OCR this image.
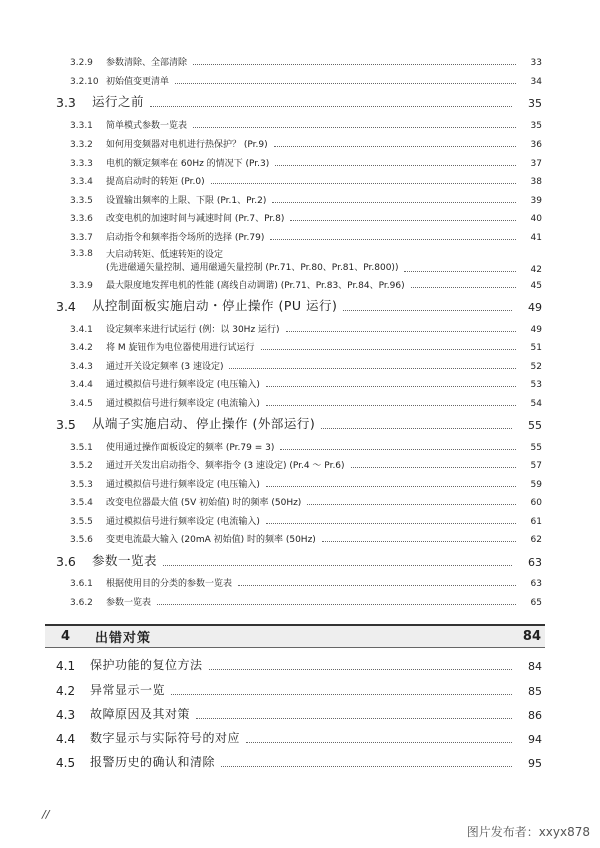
3.2.9	参数清除、全部清除	33
3.2.10 初始值变更清单	34
3.3	运行之前	35
3.3.1	简单模式参数一览表	35
3.3.2	如何用变频器对电机进行热保护？ (Pr.9)	36
3.3.3	电机的额定频率在 60Hz 的情况下 (Pr.3)	37
3.3.4	提高启动时的转矩 (Pr.0)	38
3.3.5	设置输出频率的上限、下限 (Pr.1、Pr.2)	39
3.3.6	改变电机的加速时间与减速时间 (Pr.7、Pr.8)	40
3.3.7	启动指令和频率指令场所的选择 (Pr.79)	41
3.3.8	大启动转矩、低速转矩的设定
(先进磁通矢量控制、通用磁通矢量控制 (Pr.71、Pr.80、Pr.81、Pr.800))	42
3.3.9	最大限度地发挥电机的性能 (离线自动调谐) (Pr.71、Pr.83、Pr.84、Pr.96)	45
3.4	从控制面板实施启动・停止操作 (PU 运行)	49
3.4.1	设定频率来进行试运行 (例：以 30Hz 运行)	49
3.4.2	将 M 旋钮作为电位器使用进行试运行	51
3.4.3	通过开关设定频率 (3 速设定)	52
3.4.4	通过模拟信号进行频率设定 (电压输入)	53
3.4.5	通过模拟信号进行频率设定 (电流输入)	54
3.5	从端子实施启动、停止操作 (外部运行)	55
3.5.1	使用通过操作面板设定的频率 (Pr.79 = 3)	55
3.5.2	通过开关发出启动指令、频率指令 (3 速设定) (Pr.4 ～ Pr.6)	57
3.5.3	通过模拟信号进行频率设定 (电压输入)	59
3.5.4	改变电位器最大值 (5V 初始值) 时的频率 (50Hz)	60
3.5.5	通过模拟信号进行频率设定 (电流输入)	61
3.5.6	变更电流最大输入 (20mA 初始值) 时的频率 (50Hz)	62
3.6	参数一览表	63
3.6.1	根据使用目的分类的参数一览表	63
3.6.2	参数一览表	65
4	出错对策	84
4.1	保护功能的复位方法	84
4.2	异常显示一览	85
4.3	故障原因及其对策	86
4.4	数字显示与实际符号的对应	94
4.5	报警历史的确认和清除	95
//
图片发布者：xxyx878
